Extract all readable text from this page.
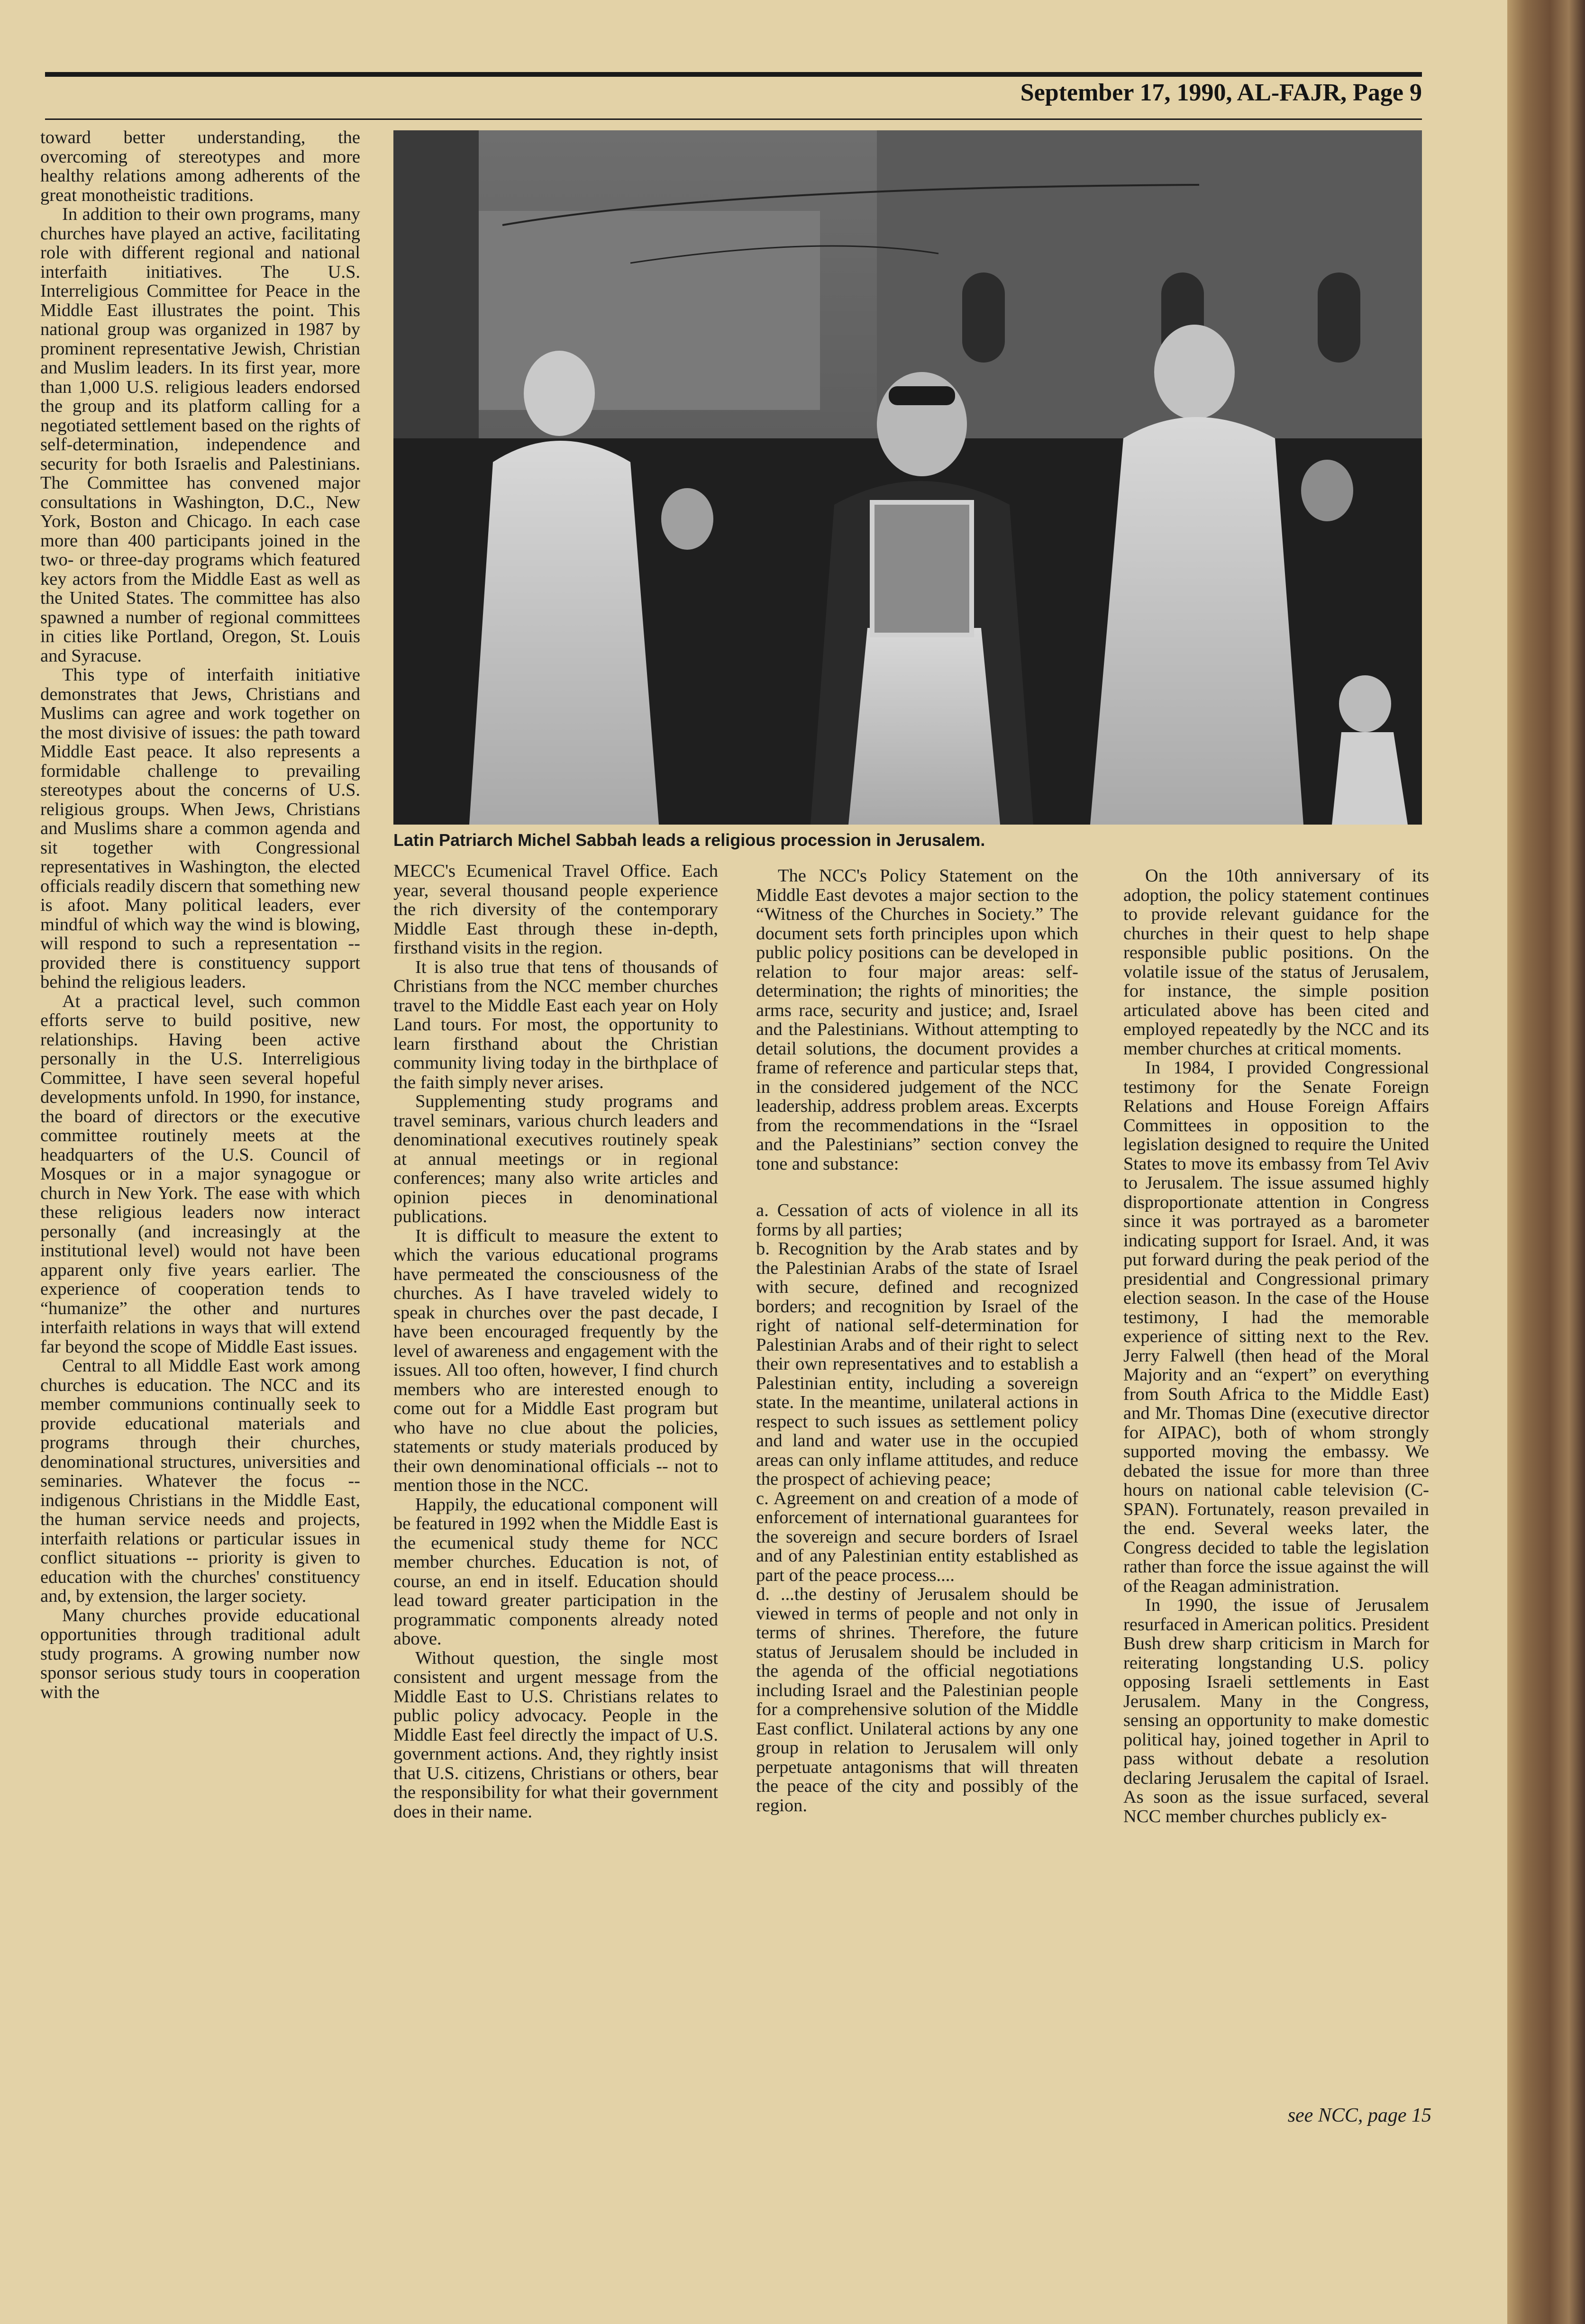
September 17, 1990, AL-FAJR, Page 9

toward better understanding, the overcoming of stereotypes and more healthy relations among adherents of the great monotheistic traditions.

In addition to their own programs, many churches have played an active, facilitating role with different regional and national interfaith initiatives. The U.S. Interreligious Committee for Peace in the Middle East illustrates the point. This national group was organized in 1987 by prominent representative Jewish, Christian and Muslim leaders. In its first year, more than 1,000 U.S. religious leaders endorsed the group and its platform calling for a negotiated settlement based on the rights of self-determination, independence and security for both Israelis and Palestinians. The Committee has convened major consultations in Washington, D.C., New York, Boston and Chicago. In each case more than 400 participants joined in the two- or three-day programs which featured key actors from the Middle East as well as the United States. The committee has also spawned a number of regional committees in cities like Portland, Oregon, St. Louis and Syracuse.

This type of interfaith initiative demonstrates that Jews, Christians and Muslims can agree and work together on the most divisive of issues: the path toward Middle East peace. It also represents a formidable challenge to prevailing stereotypes about the concerns of U.S. religious groups. When Jews, Christians and Muslims share a common agenda and sit together with Congressional representatives in Washington, the elected officials readily discern that something new is afoot. Many political leaders, ever mindful of which way the wind is blowing, will respond to such a representation -- provided there is constituency support behind the religious leaders.

At a practical level, such common efforts serve to build positive, new relationships. Having been active personally in the U.S. Interreligious Committee, I have seen several hopeful developments unfold. In 1990, for instance, the board of directors or the executive committee routinely meets at the headquarters of the U.S. Council of Mosques or in a major synagogue or church in New York. The ease with which these religious leaders now interact personally (and increasingly at the institutional level) would not have been apparent only five years earlier. The experience of cooperation tends to “humanize” the other and nurtures interfaith relations in ways that will extend far beyond the scope of Middle East issues.

Central to all Middle East work among churches is education. The NCC and its member communions continually seek to provide educational materials and programs through their churches, denominational structures, universities and seminaries. Whatever the focus -- indigenous Christians in the Middle East, the human service needs and projects, interfaith relations or particular issues in conflict situations -- priority is given to education with the churches' constituency and, by extension, the larger society.

Many churches provide educational opportunities through traditional adult study programs. A growing number now sponsor serious study tours in cooperation with the

Latin Patriarch Michel Sabbah leads a religious procession in Jerusalem.

MECC's Ecumenical Travel Office. Each year, several thousand people experience the rich diversity of the contemporary Middle East through these in-depth, firsthand visits in the region.

It is also true that tens of thousands of Christians from the NCC member churches travel to the Middle East each year on Holy Land tours. For most, the opportunity to learn firsthand about the Christian community living today in the birthplace of the faith simply never arises.

Supplementing study programs and travel seminars, various church leaders and denominational executives routinely speak at annual meetings or in regional conferences; many also write articles and opinion pieces in denominational publications.

It is difficult to measure the extent to which the various educational programs have permeated the consciousness of the churches. As I have traveled widely to speak in churches over the past decade, I have been encouraged frequently by the level of awareness and engagement with the issues. All too often, however, I find church members who are interested enough to come out for a Middle East program but who have no clue about the policies, statements or study materials produced by their own denominational officials -- not to mention those in the NCC.

Happily, the educational component will be featured in 1992 when the Middle East is the ecumenical study theme for NCC member churches. Education is not, of course, an end in itself. Education should lead toward greater participation in the programmatic components already noted above.

Without question, the single most consistent and urgent message from the Middle East to U.S. Christians relates to public policy advocacy. People in the Middle East feel directly the impact of U.S. government actions. And, they rightly insist that U.S. citizens, Christians or others, bear the responsibility for what their government does in their name.

The NCC's Policy Statement on the Middle East devotes a major section to the “Witness of the Churches in Society.” The document sets forth principles upon which public policy positions can be developed in relation to four major areas: self-determination; the rights of minorities; the arms race, security and justice; and, Israel and the Palestinians. Without attempting to detail solutions, the document provides a frame of reference and particular steps that, in the considered judgement of the NCC leadership, address problem areas. Excerpts from the recommendations in the “Israel and the Palestinians” section convey the tone and substance:

a. Cessation of acts of violence in all its forms by all parties;

b. Recognition by the Arab states and by the Palestinian Arabs of the state of Israel with secure, defined and recognized borders; and recognition by Israel of the right of national self-determination for Palestinian Arabs and of their right to select their own representatives and to establish a Palestinian entity, including a sovereign state. In the meantime, unilateral actions in respect to such issues as settlement policy and land and water use in the occupied areas can only inflame attitudes, and reduce the prospect of achieving peace;

c. Agreement on and creation of a mode of enforcement of international guarantees for the sovereign and secure borders of Israel and of any Palestinian entity established as part of the peace process....

d. ...the destiny of Jerusalem should be viewed in terms of people and not only in terms of shrines. Therefore, the future status of Jerusalem should be included in the agenda of the official negotiations including Israel and the Palestinian people for a comprehensive solution of the Middle East conflict. Unilateral actions by any one group in relation to Jerusalem will only perpetuate antagonisms that will threaten the peace of the city and possibly of the region.

On the 10th anniversary of its adoption, the policy statement continues to provide relevant guidance for the churches in their quest to help shape responsible public positions. On the volatile issue of the status of Jerusalem, for instance, the simple position articulated above has been cited and employed repeatedly by the NCC and its member churches at critical moments.

In 1984, I provided Congressional testimony for the Senate Foreign Relations and House Foreign Affairs Committees in opposition to the legislation designed to require the United States to move its embassy from Tel Aviv to Jerusalem. The issue assumed highly disproportionate attention in Congress since it was portrayed as a barometer indicating support for Israel. And, it was put forward during the peak period of the presidential and Congressional primary election season. In the case of the House testimony, I had the memorable experience of sitting next to the Rev. Jerry Falwell (then head of the Moral Majority and an “expert” on everything from South Africa to the Middle East) and Mr. Thomas Dine (executive director for AIPAC), both of whom strongly supported moving the embassy. We debated the issue for more than three hours on national cable television (C-SPAN). Fortunately, reason prevailed in the end. Several weeks later, the Congress decided to table the legislation rather than force the issue against the will of the Reagan administration.

In 1990, the issue of Jerusalem resurfaced in American politics. President Bush drew sharp criticism in March for reiterating longstanding U.S. policy opposing Israeli settlements in East Jerusalem. Many in the Congress, sensing an opportunity to make domestic political hay, joined together in April to pass without debate a resolution declaring Jerusalem the capital of Israel. As soon as the issue surfaced, several NCC member churches publicly ex-

see NCC, page 15
